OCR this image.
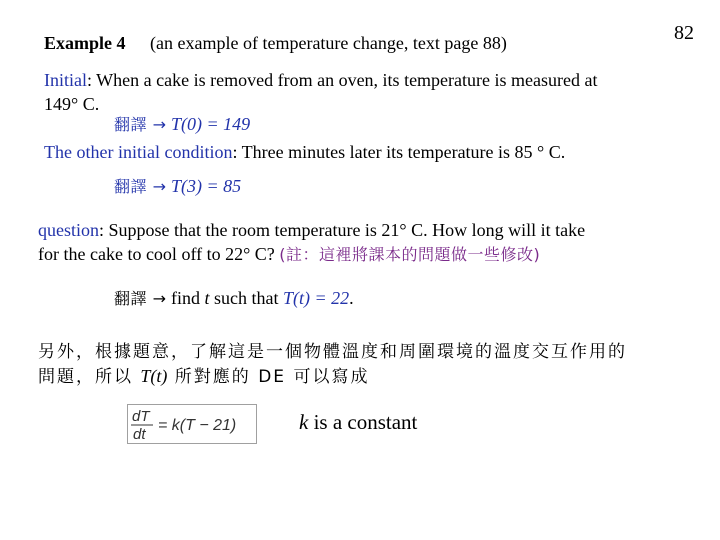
82
Example 4 (an example of temperature change, text page 88)
Initial: When a cake is removed from an oven, its temperature is measured at
149° C.
翻譯 → T(0) = 149
The other initial condition: Three minutes later its temperature is 85 ° C.
翻譯 → T(3) = 85
question: Suppose that the room temperature is 21° C. How long will it take
for the cake to cool off to 22° C? (註：這裡將課本的問題做一些修改)
翻譯 → find t such that T(t) = 22.
另外，根據題意，了解這是一個物體溫度和周圍環境的溫度交互作用的
問題，所以 T(t) 所對應的 DE 可以寫成
dT
dt
= k(T − 21)	k is a constant
